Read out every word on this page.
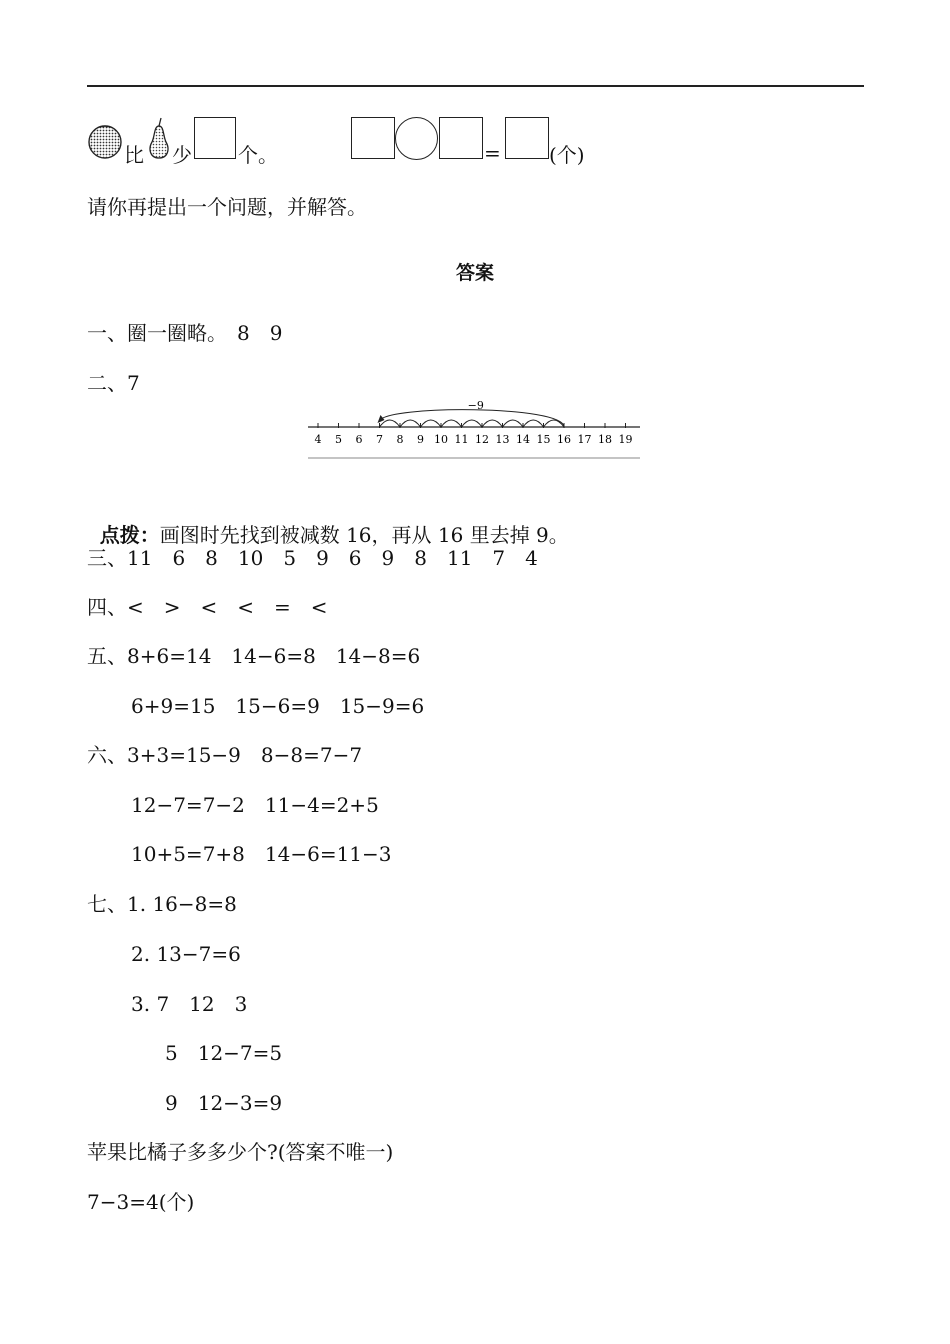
比 少 个。	= (个)
请你再提出一个问题，并解答。
答案
一、圈一圈略。　8　9
二、7
4 5 6 7 8 9 10 11 12 13 14 15 16 17 18 19
−9

点拨：画图时先找到被减数 16，再从 16 里去掉 9。

三、11　6　8　10　5　9　6　9　8　11　7　4
四、<　>　<　<　=　<
五、8+6=14　14−6=8　14−8=6
6+9=15　15−6=9　15−9=6
六、3+3=15−9　8−8=7−7
12−7=7−2　11−4=2+5
10+5=7+8　14−6=11−3
七、1. 16−8=8
2. 13−7=6
3. 7　12　3
5　12−7=5
9　12−3=9
苹果比橘子多多少个?(答案不唯一)
7−3=4(个)
